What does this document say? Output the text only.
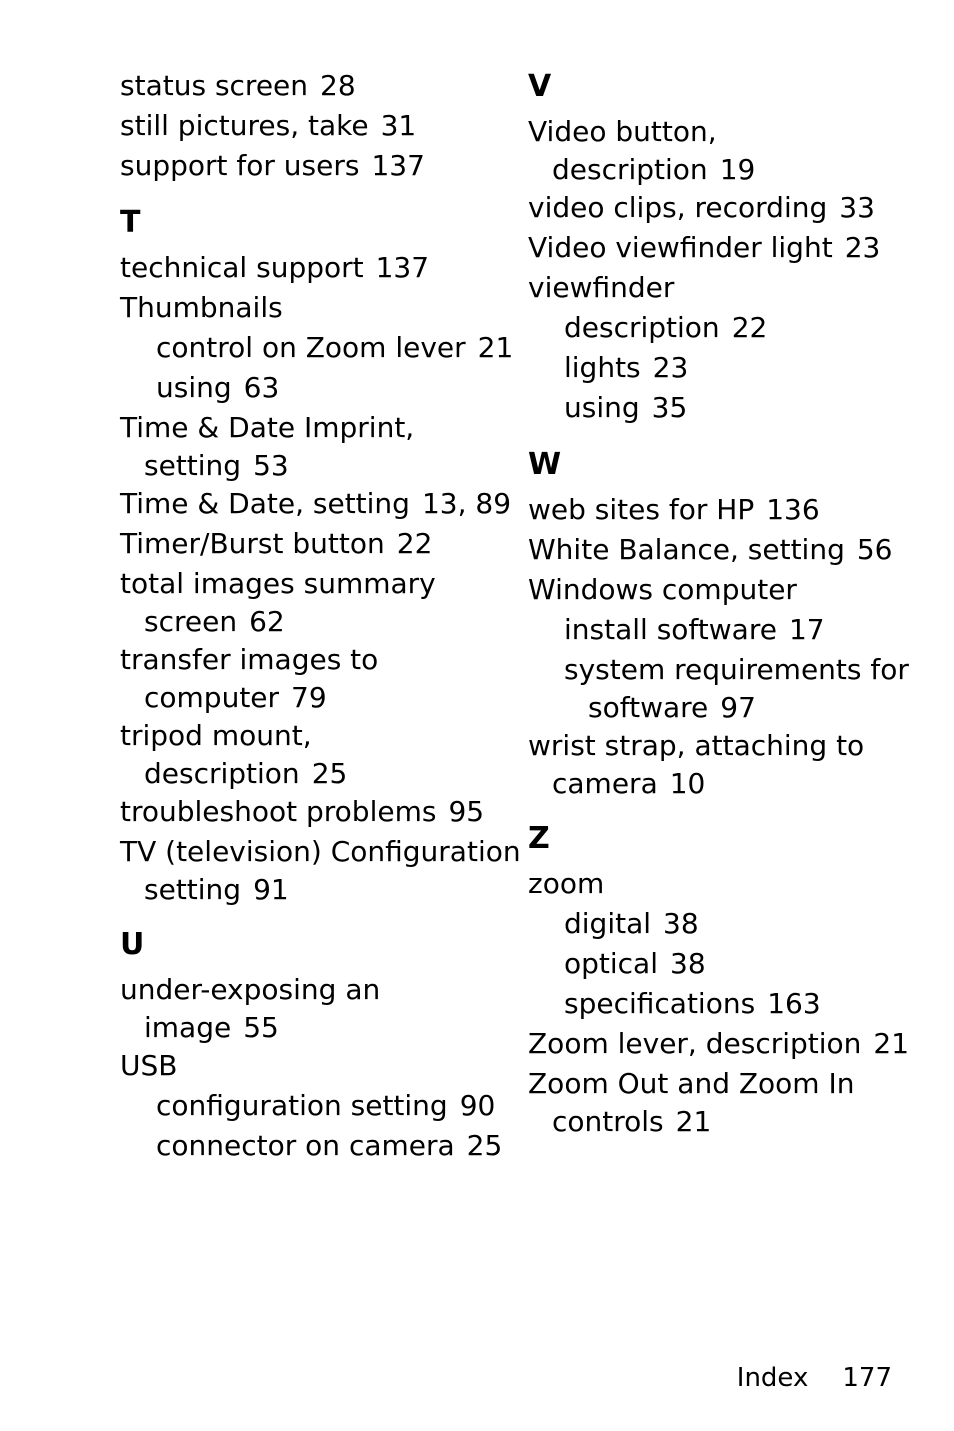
status screen 28
still pictures, take 31
support for users 137
T
technical support 137
Thumbnails
control on Zoom lever 21
using 63
Time & Date Imprint,
setting 53
Time & Date, setting 13, 89
Timer/Burst button 22
total images summary
screen 62
transfer images to
computer 79
tripod mount,
description 25
troubleshoot problems 95
TV (television) Configuration
setting 91
U
under-exposing an
image 55
USB
configuration setting 90
connector on camera 25
V
Video button,
description 19
video clips, recording 33
Video viewfinder light 23
viewfinder
description 22
lights 23
using 35
W
web sites for HP 136
White Balance, setting 56
Windows computer
install software 17
system requirements for
software 97
wrist strap, attaching to
camera 10
Z
zoom
digital 38
optical 38
specifications 163
Zoom lever, description 21
Zoom Out and Zoom In
controls 21
Index 177
